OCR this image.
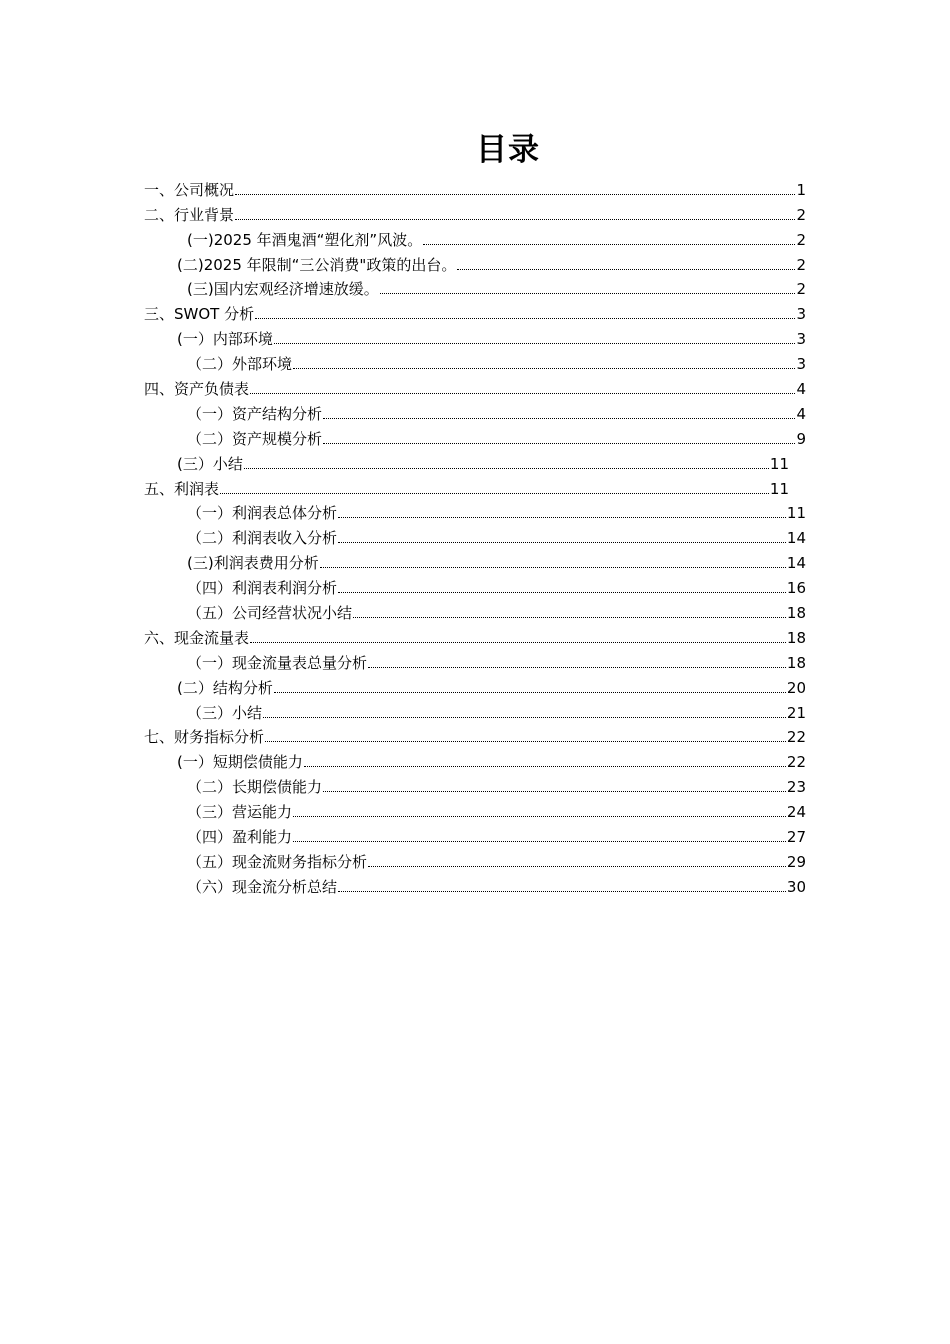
目录
一、公司概况	1
二、行业背景	2
(一)2025 年酒鬼酒“塑化剂”风波。	2
(二)2025 年限制“三公消费"政策的出台。	2
(三)国内宏观经济增速放缓。	2
三、SWOT 分析	3
(一）内部环境	3
（二）外部环境	3
四、资产负债表	4
（一）资产结构分析	4
（二）资产规模分析	9
(三）小结	11
五、利润表	11
（一）利润表总体分析	11
（二）利润表收入分析	14
(三)利润表费用分析	14
（四）利润表利润分析	16
（五）公司经营状况小结	18
六、现金流量表	18
（一）现金流量表总量分析	18
(二）结构分析	20
（三）小结	21
七、财务指标分析	22
(一）短期偿债能力	22
（二）长期偿债能力	23
（三）营运能力	24
（四）盈利能力	27
（五）现金流财务指标分析	29
（六）现金流分析总结	30
